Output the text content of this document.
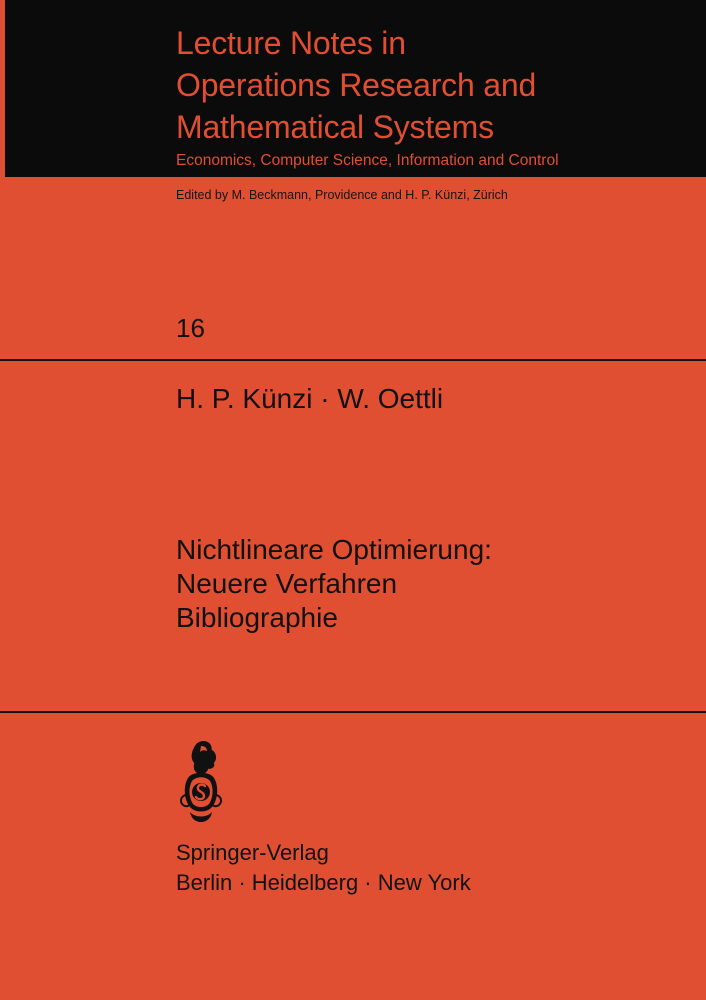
Lecture Notes in
Operations Research and
Mathematical Systems
Economics, Computer Science, Information and Control
Edited by M. Beckmann, Providence and H. P. Künzi, Zürich
16
H. P. Künzi · W. Oettli
Nichtlineare Optimierung:
Neuere Verfahren
Bibliographie
Springer-Verlag
Berlin · Heidelberg · New York
